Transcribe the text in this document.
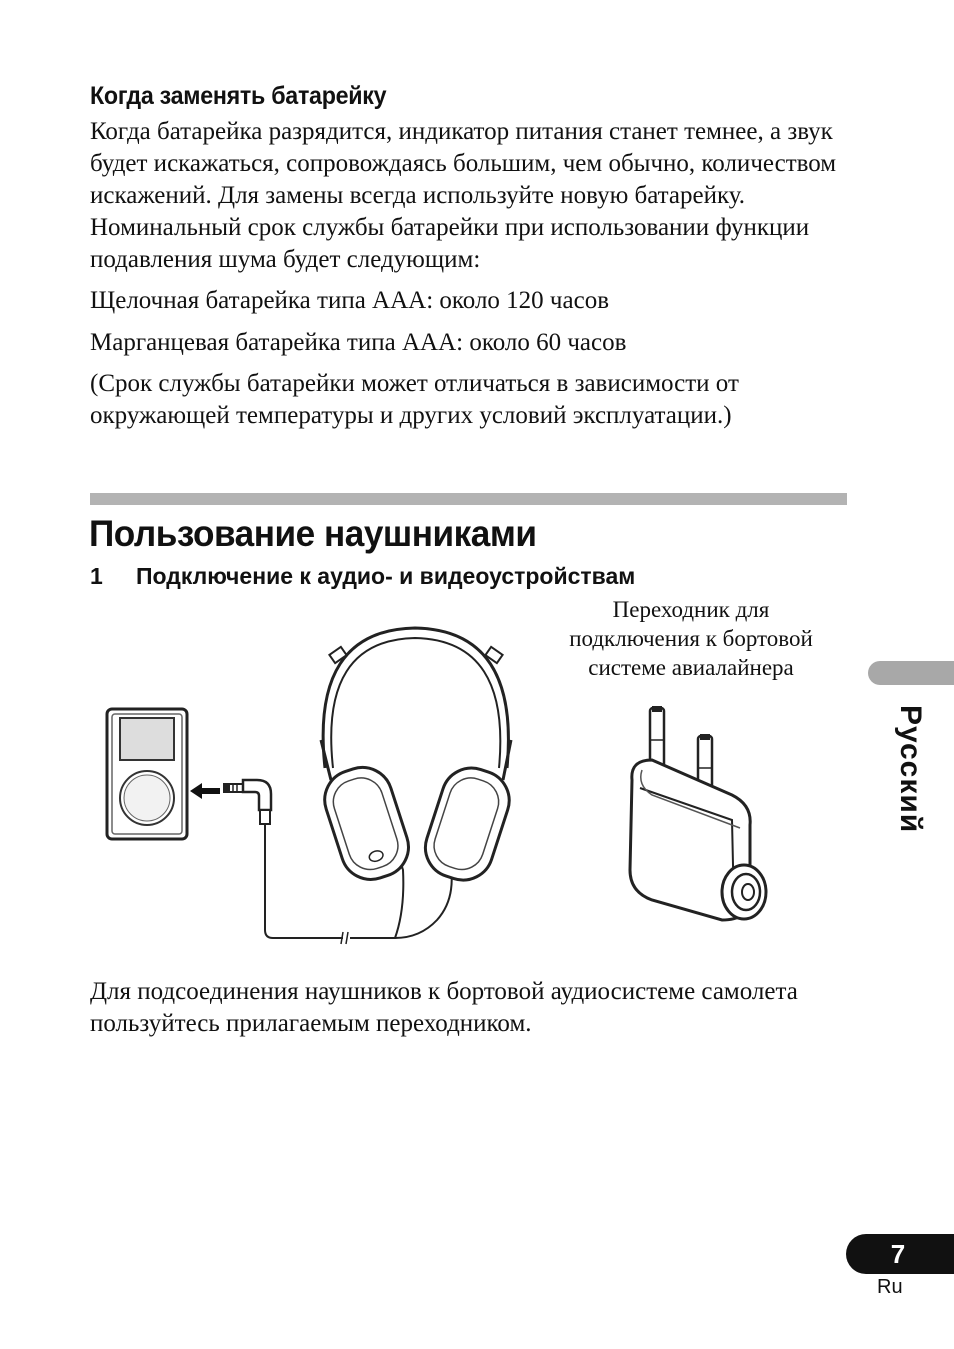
Когда заменять батарейку
Когда батарейка разрядится, индикатор питания станет темнее, а звук будет искажаться, сопровождаясь большим, чем обычно, количеством искажений. Для замены всегда используйте новую батарейку. Номинальный срок службы батарейки при использовании функции подавления шума будет следующим:
Щелочная батарейка типа AAA: около 120 часов
Марганцевая батарейка типа AAA: около 60 часов
(Срок службы батарейки может отличаться в зависимости от окружающей температуры и других условий эксплуатации.)
Пользование наушниками
1 Подключение к аудио- и видеоустройствам
Переходник для подключения к бортовой системе авиалайнера
Для подсоединения наушников к бортовой аудиосистеме самолета пользуйтесь прилагаемым переходником.
Русский
7
Ru
